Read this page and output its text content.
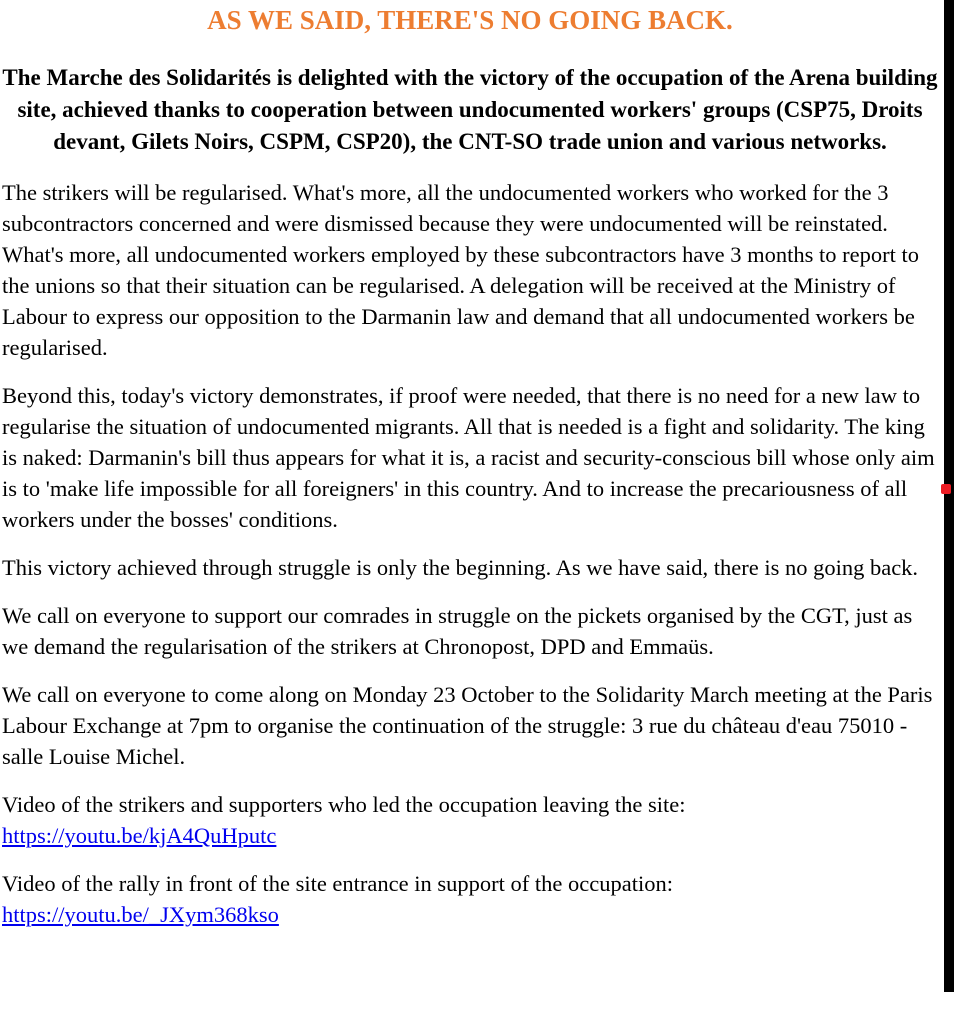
AS WE SAID, THERE'S NO GOING BACK.

The Marche des Solidarités is delighted with the victory of the occupation of the Arena building site, achieved thanks to cooperation between undocumented workers' groups (CSP75, Droits devant, Gilets Noirs, CSPM, CSP20), the CNT-SO trade union and various networks.

The strikers will be regularised. What's more, all the undocumented workers who worked for the 3 subcontractors concerned and were dismissed because they were undocumented will be reinstated. What's more, all undocumented workers employed by these subcontractors have 3 months to report to the unions so that their situation can be regularised. A delegation will be received at the Ministry of Labour to express our opposition to the Darmanin law and demand that all undocumented workers be regularised.

Beyond this, today's victory demonstrates, if proof were needed, that there is no need for a new law to regularise the situation of undocumented migrants. All that is needed is a fight and solidarity. The king is naked: Darmanin's bill thus appears for what it is, a racist and security-conscious bill whose only aim is to 'make life impossible for all foreigners' in this country. And to increase the precariousness of all workers under the bosses' conditions.

This victory achieved through struggle is only the beginning. As we have said, there is no going back.

We call on everyone to support our comrades in struggle on the pickets organised by the CGT, just as we demand the regularisation of the strikers at Chronopost, DPD and Emmaüs.

We call on everyone to come along on Monday 23 October to the Solidarity March meeting at the Paris Labour Exchange at 7pm to organise the continuation of the struggle: 3 rue du château d'eau 75010 - salle Louise Michel.

Video of the strikers and supporters who led the occupation leaving the site:
https://youtu.be/kjA4QuHputc
Video of the rally in front of the site entrance in support of the occupation:
https://youtu.be/_JXym368kso
